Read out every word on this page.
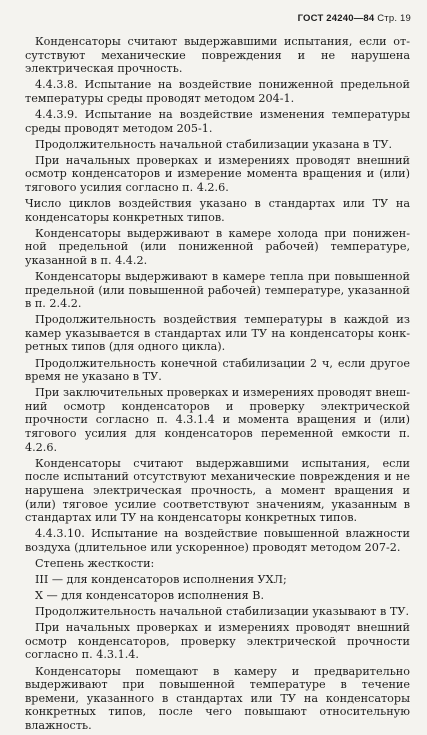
ГОСТ 24240—84 Стр. 19

Конденсаторы считают выдержавшими испытания, если отсутствуют механические повреждения и не нарушена электрическая прочность.

4.4.3.8. Испытание на воздействие пониженной предельной температуры среды проводят методом 204-1.

4.4.3.9. Испытание на воздействие изменения температуры среды проводят методом 205-1.

Продолжительность начальной стабилизации указана в ТУ.

При начальных проверках и измерениях проводят внешний осмотр конденсаторов и измерение момента вращения и (или) тягового усилия согласно п. 4.2.6.

Число циклов воздействия указано в стандартах или ТУ на конденсаторы конкретных типов.

Конденсаторы выдерживают в камере холода при пониженной предельной (или пониженной рабочей) температуре, указанной в п. 4.4.2.

Конденсаторы выдерживают в камере тепла при повышенной предельной (или повышенной рабочей) температуре, указанной в п. 2.4.2.

Продолжительность воздействия температуры в каждой из камер указывается в стандартах или ТУ на конденсаторы конкретных типов (для одного цикла).

Продолжительность конечной стабилизации 2 ч, если другое время не указано в ТУ.

При заключительных проверках и измерениях проводят внешний осмотр конденсаторов и проверку электрической прочности согласно п. 4.3.1.4 и момента вращения и (или) тягового усилия для конденсаторов переменной емкости п. 4.2.6.

Конденсаторы считают выдержавшими испытания, если после испытаний отсутствуют механические повреждения и не нарушена электрическая прочность, а момент вращения и (или) тяговое усилие соответствуют значениям, указанным в стандартах или ТУ на конденсаторы конкретных типов.

4.4.3.10. Испытание на воздействие повышенной влажности воздуха (длительное или ускоренное) проводят методом 207-2.

Степень жесткости:

III — для конденсаторов исполнения УХЛ;

X — для конденсаторов исполнения В.

Продолжительность начальной стабилизации указывают в ТУ.

При начальных проверках и измерениях проводят внешний осмотр конденсаторов, проверку электрической прочности согласно п. 4.3.1.4.

Конденсаторы помещают в камеру и предварительно выдерживают при повышенной температуре в течение времени, указанного в стандартах или ТУ на конденсаторы конкретных типов, после чего повышают относительную влажность.
